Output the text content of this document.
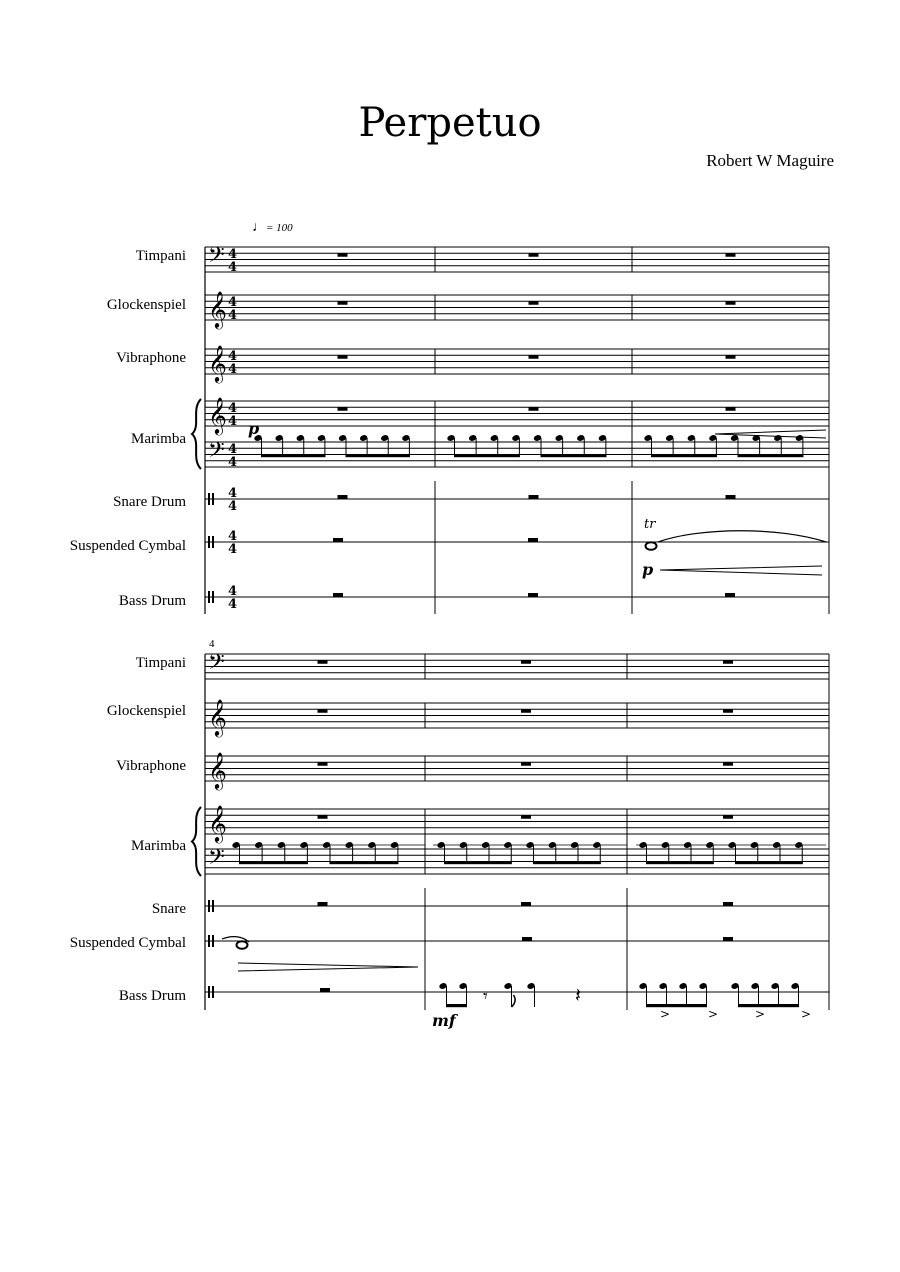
Perpetuo
Robert W Maguire
♩= 100
Timpani
Glockenspiel
Vibraphone
Marimba
Snare Drum
Suspended Cymbal
Bass Drum
4
Timpani
Glockenspiel
Vibraphone
Marimba
Snare
Suspended Cymbal
Bass Drum
𝄢
𝄞
𝄞
𝄞
𝄢
4
4
4
4
4
4
4
4
4
4
4
4
4
4
4
4
tr
p
p
𝄢
𝄞
𝄞
𝄞
𝄢
𝄾	𝄽
mf	>	>	>	>
